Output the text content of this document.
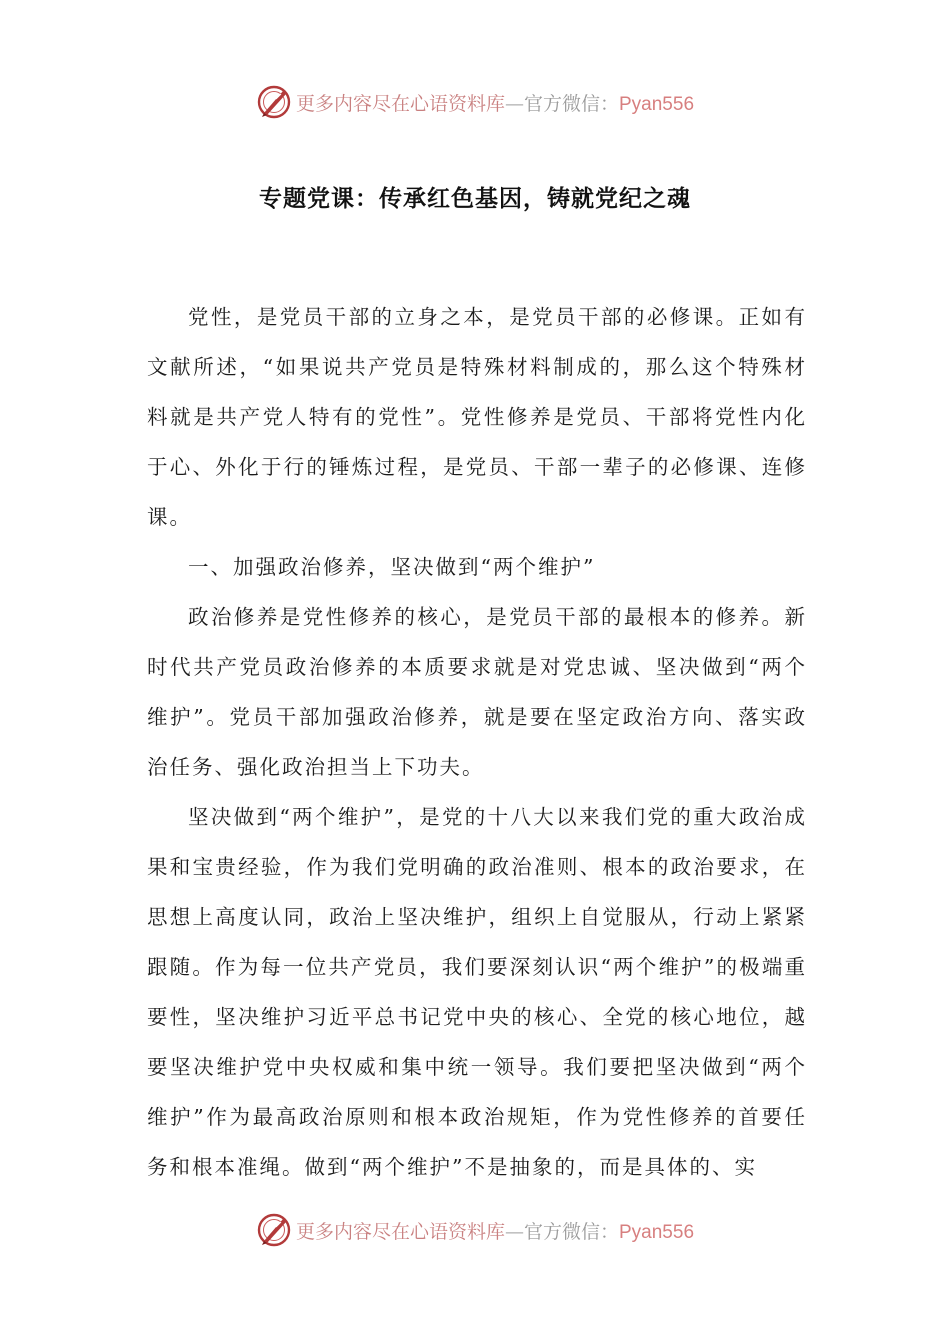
更多内容尽在心语资料库—官方微信：Pyan556
专题党课：传承红色基因，铸就党纪之魂

党性，是党员干部的立身之本，是党员干部的必修课。正如有文献所述，“如果说共产党员是特殊材料制成的，那么这个特殊材料就是共产党人特有的党性”。党性修养是党员、干部将党性内化于心、外化于行的锤炼过程，是党员、干部一辈子的必修课、连修课。

一、加强政治修养，坚决做到“两个维护”

政治修养是党性修养的核心，是党员干部的最根本的修养。新时代共产党员政治修养的本质要求就是对党忠诚、坚决做到“两个维护”。党员干部加强政治修养，就是要在坚定政治方向、落实政治任务、强化政治担当上下功夫。

坚决做到“两个维护”，是党的十八大以来我们党的重大政治成果和宝贵经验，作为我们党明确的政治准则、根本的政治要求，在思想上高度认同，政治上坚决维护，组织上自觉服从，行动上紧紧跟随。作为每一位共产党员，我们要深刻认识“两个维护”的极端重要性，坚决维护习近平总书记党中央的核心、全党的核心地位，越要坚决维护党中央权威和集中统一领导。我们要把坚决做到“两个维护”作为最高政治原则和根本政治规矩，作为党性修养的首要任务和根本准绳。做到“两个维护”不是抽象的，而是具体的、实

更多内容尽在心语资料库—官方微信：Pyan556
